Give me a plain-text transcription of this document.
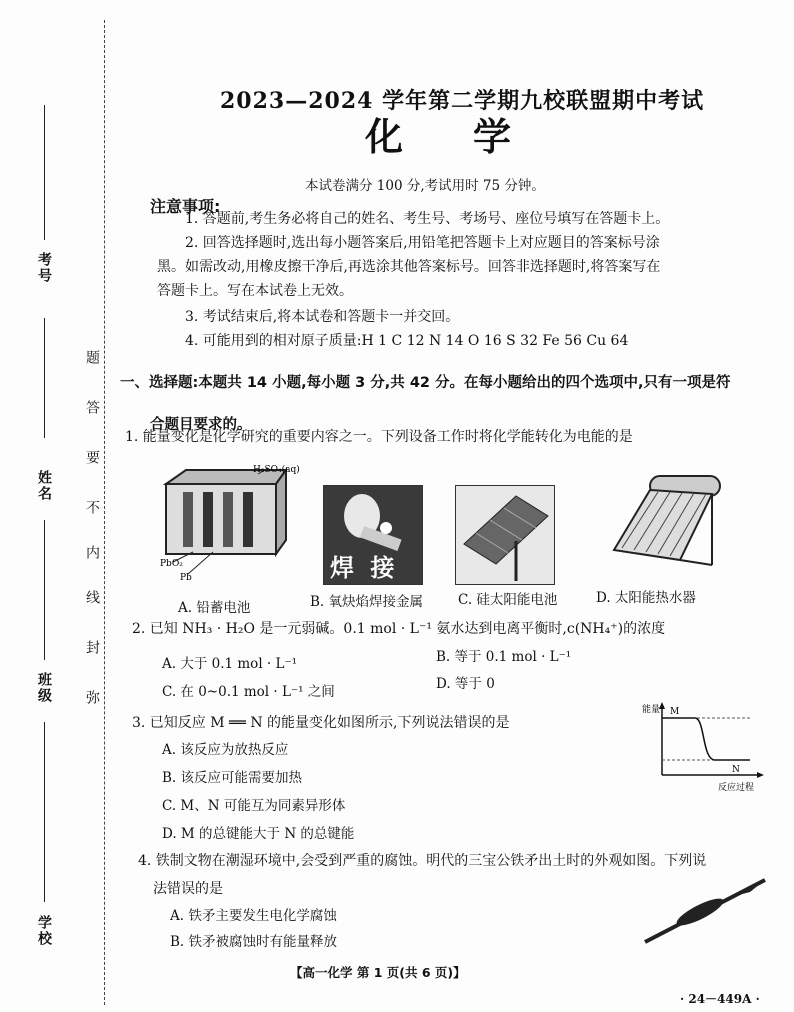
考号
姓名
班级
学校
弥
封
线
内
不
要
答
题
2023—2024 学年第二学期九校联盟期中考试
化学
本试卷满分 100 分,考试用时 75 分钟。
注意事项:
1. 答题前,考生务必将自己的姓名、考生号、考场号、座位号填写在答题卡上。
2. 回答选择题时,选出每小题答案后,用铅笔把答题卡上对应题目的答案标号涂
黑。如需改动,用橡皮擦干净后,再选涂其他答案标号。回答非选择题时,将答案写在
答题卡上。写在本试卷上无效。
3. 考试结束后,将本试卷和答题卡一并交回。
4. 可能用到的相对原子质量:H 1 C 12 N 14 O 16 S 32 Fe 56 Cu 64
一、选择题:本题共 14 小题,每小题 3 分,共 42 分。在每小题给出的四个选项中,只有一项是符
合题目要求的。
1. 能量变化是化学研究的重要内容之一。下列设备工作时将化学能转化为电能的是
H₂SO₄(aq)
PbO₂
Pb	焊 接
A. 铅蓄电池	B. 氧炔焰焊接金属	C. 硅太阳能电池	D. 太阳能热水器
2. 已知 NH₃ · H₂O 是一元弱碱。0.1 mol · L⁻¹ 氨水达到电离平衡时,c(NH₄⁺)的浓度
A. 大于 0.1 mol · L⁻¹	B. 等于 0.1 mol · L⁻¹
C. 在 0~0.1 mol · L⁻¹ 之间	D. 等于 0
3. 已知反应 M ══ N 的能量变化如图所示,下列说法错误的是
A. 该反应为放热反应
B. 该反应可能需要加热
C. M、N 可能互为同素异形体
D. M 的总键能大于 N 的总键能
能量 M
N
反应过程
4. 铁制文物在潮湿环境中,会受到严重的腐蚀。明代的三宝公铁矛出土时的外观如图。下列说
法错误的是
A. 铁矛主要发生电化学腐蚀
B. 铁矛被腐蚀时有能量释放
【高一化学 第 1 页(共 6 页)】
· 24－449A ·
